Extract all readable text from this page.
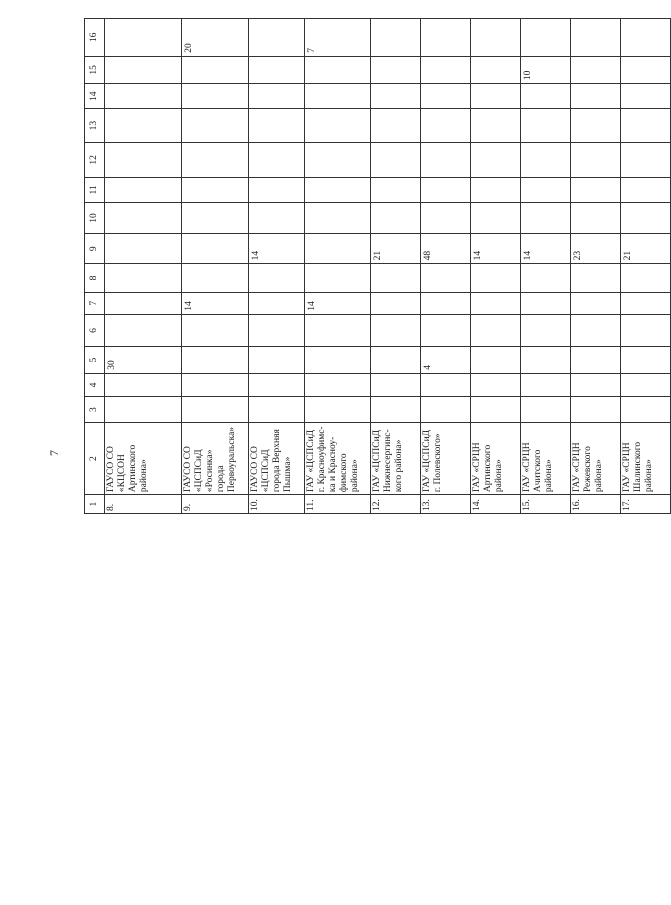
7
1	2	3	4	5	6	7	8	9	10	11	12	13	14	15	16
8.	ГАУСО СО «КЦСОН Артинского района»			30											
9.	ГАУСО СО «ЦСПСиД «Росинка» города Первоуральска»					14									20
10.	ГАУСО СО «ЦСПСиД города Верхняя Пышма»							14							
11.	ГАУ «ЦСПСиД г. Красноуфимс-ка и Красноу-фимского района»					14									7
12.	ГАУ «ЦСПСиД Нижнесергинс-кого района»							21							
13.	ГАУ «ЦСПСиД г. Полевского»			4				48							
14.	ГАУ «СРЦН Артинского района»							14							
15.	ГАУ «СРЦН Ачитского района»							14						10	
16.	ГАУ «СРЦН Режевского района»							23							
17.	ГАУ «СРЦН Шалинского района»							21							
